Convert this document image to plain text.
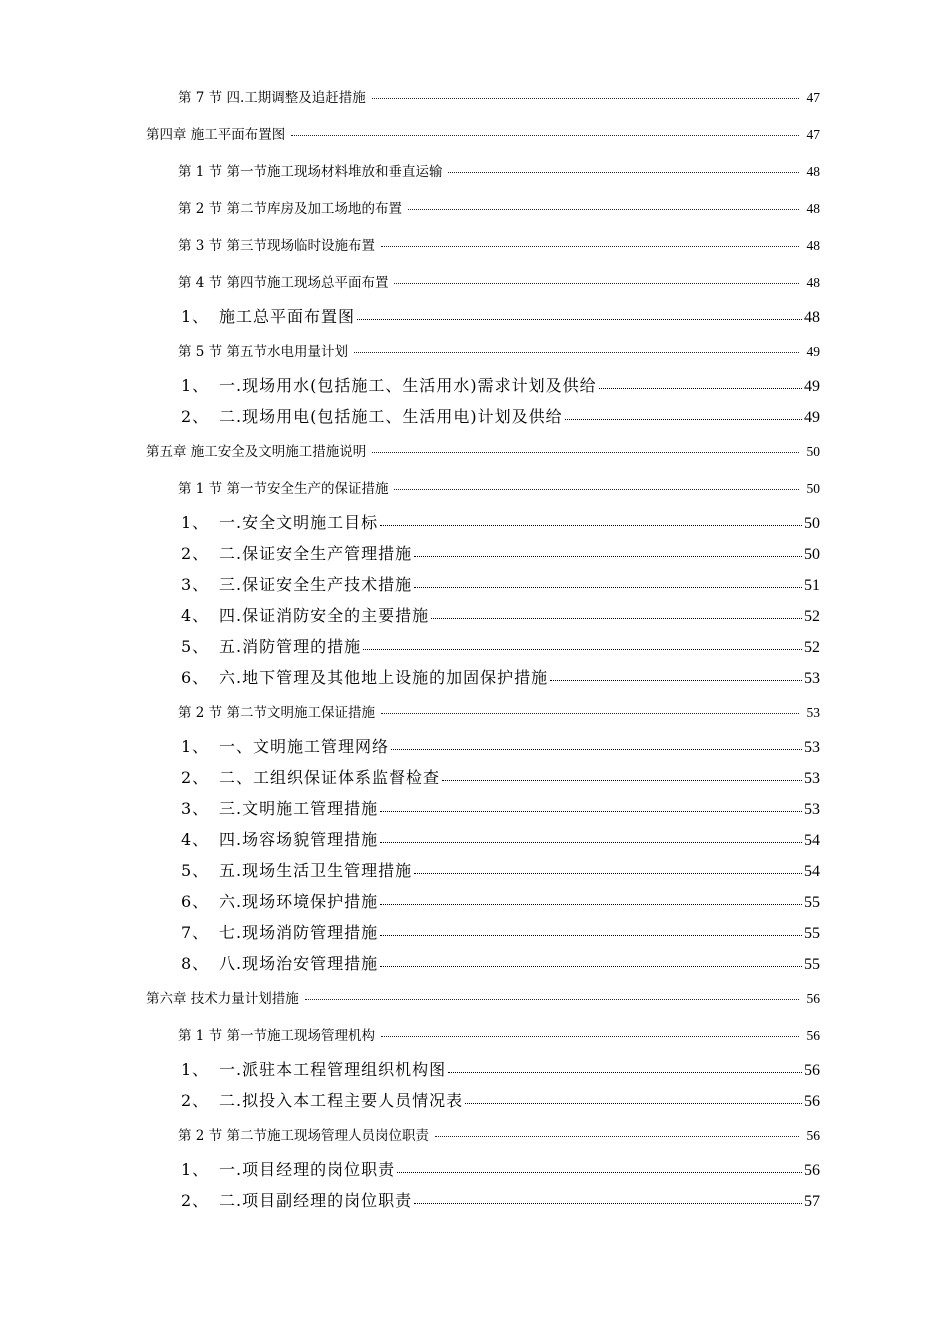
第 7 节 四.工期调整及追赶措施	47
第四章 施工平面布置图	47
第 1 节 第一节施工现场材料堆放和垂直运输	48
第 2 节 第二节库房及加工场地的布置	48
第 3 节 第三节现场临时设施布置	48
第 4 节 第四节施工现场总平面布置	48
1、 施工总平面布置图	48
第 5 节 第五节水电用量计划	49
1、 一.现场用水(包括施工、生活用水)需求计划及供给	49
2、 二.现场用电(包括施工、生活用电)计划及供给	49
第五章 施工安全及文明施工措施说明	50
第 1 节 第一节安全生产的保证措施	50
1、 一.安全文明施工目标	50
2、 二.保证安全生产管理措施	50
3、 三.保证安全生产技术措施	51
4、 四.保证消防安全的主要措施	52
5、 五.消防管理的措施	52
6、 六.地下管理及其他地上设施的加固保护措施	53
第 2 节 第二节文明施工保证措施	53
1、 一、文明施工管理网络	53
2、 二、工组织保证体系监督检查	53
3、 三.文明施工管理措施	53
4、 四.场容场貌管理措施	54
5、 五.现场生活卫生管理措施	54
6、 六.现场环境保护措施	55
7、 七.现场消防管理措施	55
8、 八.现场治安管理措施	55
第六章 技术力量计划措施	56
第 1 节 第一节施工现场管理机构	56
1、 一.派驻本工程管理组织机构图	56
2、 二.拟投入本工程主要人员情况表	56
第 2 节 第二节施工现场管理人员岗位职责	56
1、 一.项目经理的岗位职责	56
2、 二.项目副经理的岗位职责	57
